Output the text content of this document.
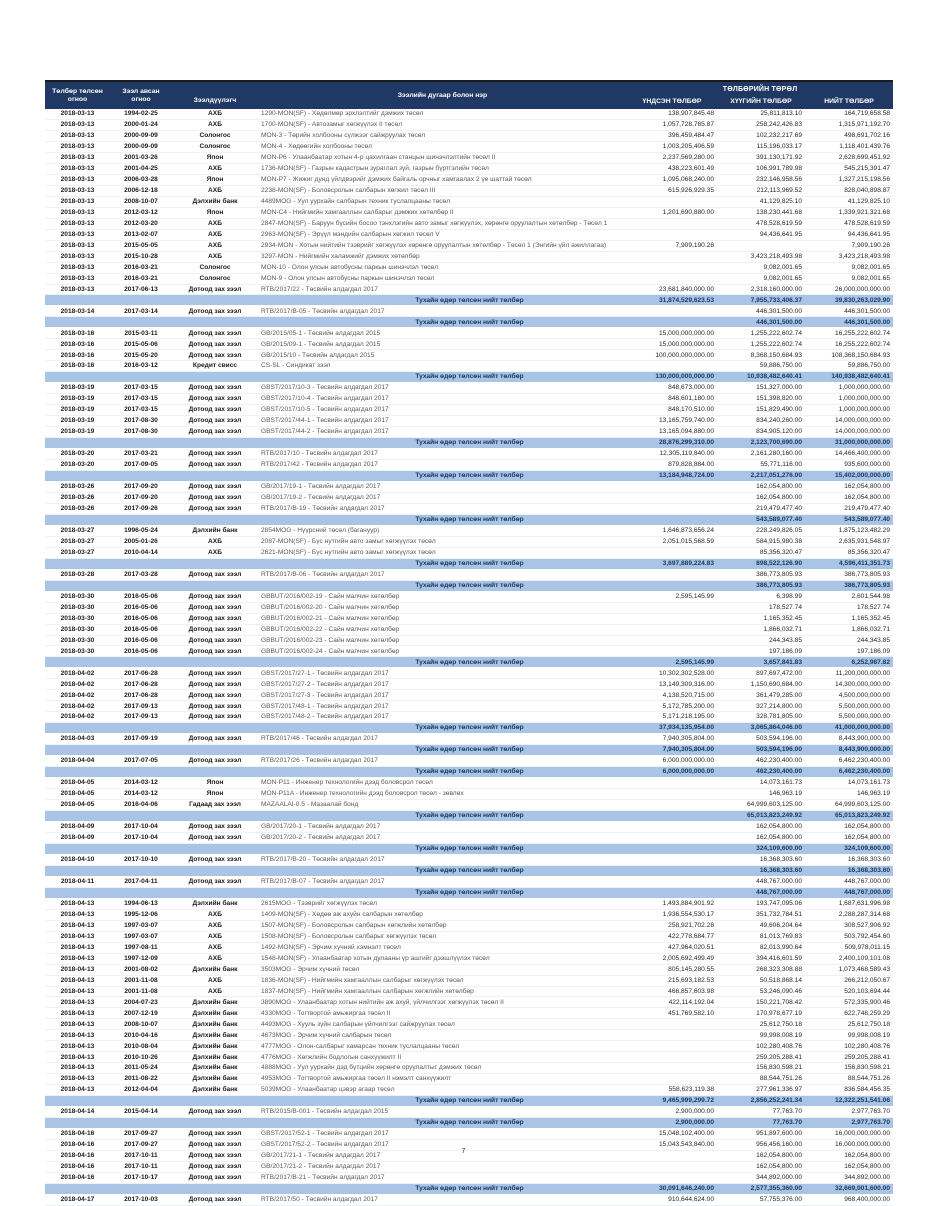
Төлбөр төлсөн огноо	Зээл авсан огноо	Зээлдүүлэгч	Зээлийн дугаар болон нэр	ТӨЛБӨРИЙН ТӨРӨЛ		
				ҮНДСЭН ТӨЛБӨР	ХҮҮГИЙН ТӨЛБӨР	НИЙТ ТӨЛБӨР
2018-03-13	1994-02-25	АХБ	1290-MON(SF) - Хөдөлмөр эрхлэлтийг дэмжих төсөл	138,907,845.48	25,811,813.10	164,719,658.58
2018-03-13	2000-01-24	АХБ	1700-MON(SF) - Автозамыг хөгжүүлэх II төсөл	1,057,728,765.87	258,242,426.83	1,315,971,192.70
2018-03-13	2000-09-09	Солонгос	MON-3 - Төрийн холбооны сүлжээг сайжруулах төсөл	396,459,484.47	102,232,217.69	498,691,702.16
2018-03-13	2000-09-09	Солонгос	MON-4 - Хөдөөгийн холбооны төсөл	1,003,205,406.59	115,196,033.17	1,118,401,439.76
2018-03-13	2001-03-26	Япон	MON-P6 - Улаанбаатар хотын 4-р цахилгаан станцын шинэчлэлтийн төсөл II	2,237,569,280.00	391,130,171.92	2,628,699,451.92
2018-03-13	2001-04-25	АХБ	1736-MON(SF) - Газрын кадастрын зураглал зүй, газрын бүртгэлийн төсөл	438,223,601.49	106,991,789.98	545,215,391.47
2018-03-13	2006-03-28	Япон	MON-P7 - Жижиг дунд үйлдвэрийг дэмжих байгаль орчныг хамгаалах 2 үе шаттай төсөл	1,095,068,240.00	232,146,958.56	1,327,215,198.56
2018-03-13	2006-12-18	АХБ	2238-MON(SF) - Боловсролын салбарын хөгжил төсөл III	615,926,929.35	212,113,969.52	828,040,898.87
2018-03-13	2008-10-07	Дэлхийн банк	4489MOG - Уул уурхайн салбарын техник туслалцааны төсөл		41,129,825.10	41,129,825.10
2018-03-13	2012-03-12	Япон	MON-C4 - Нийгмийн хамгааллын салбарыг дэмжих хөтөлбөр II	1,201,690,880.00	138,230,441.68	1,339,921,321.68
2018-03-13	2012-03-20	АХБ	2847-MON(SF) - Баруун бүсийн босоо тэнхлэгийн авто замыг хөгжүүлэх, хөрөнгө оруулалтын хөтөлбөр - Төсөл 1		478,528,619.59	478,528,619.59
2018-03-13	2013-02-07	АХБ	2963-MON(SF) - Эрүүл мэндийн салбарын хөгжил төсөл V		94,436,641.95	94,436,641.95
2018-03-13	2015-05-05	АХБ	2934-MON - Хотын нийтийн тээврийг хөгжүүлэх хөрөнгө оруулалтын хөтөлбөр - Төсөл 1 (Энгийн үйл ажиллагаа)	7,909,190.28		7,909,190.28
2018-03-13	2015-10-28	АХБ	3297-MON - Нийгмийн халамжийг дэмжих хөтөлбөр		3,423,218,493.98	3,423,218,493.98
2018-03-13	2016-03-21	Солонгос	MON-10 - Олон улсын автобусны паркын шинэчлэл төсөл		9,082,001.65	9,082,001.65
2018-03-13	2016-03-21	Солонгос	MON-9 - Олон улсын автобусны паркын шинэчлэл төсөл		9,082,001.65	9,082,001.65
2018-03-13	2017-06-13	Дотоод зах зээл	RTB/2017/22 - Төсвийн алдагдал 2017	23,681,840,000.00	2,318,160,000.00	26,000,000,000.00
Тухайн өдөр төлсөн нийт төлбөр				31,874,529,623.53	7,955,733,406.37	39,830,263,029.90
2018-03-14	2017-03-14	Дотоод зах зээл	RTB/2017/B-05 - Төсвийн алдагдал 2017		446,301,500.00	446,301,500.00
Тухайн өдөр төлсөн нийт төлбөр					446,301,500.00	446,301,500.00
2018-03-16	2015-03-11	Дотоод зах зээл	GB/2015/05-1 - Төсвийн алдагдал 2015	15,000,000,000.00	1,255,222,602.74	16,255,222,602.74
2018-03-16	2015-05-06	Дотоод зах зээл	GB/2015/09-1 - Төсвийн алдагдал 2015	15,000,000,000.00	1,255,222,602.74	16,255,222,602.74
2018-03-16	2015-05-20	Дотоод зах зээл	GB/2015/10 - Төсвийн алдагдал 2015	100,000,000,000.00	8,368,150,684.93	108,368,150,684.93
2018-03-16	2016-03-12	Кредит свисс	CS-SL - Синдикат зээл		59,886,750.00	59,886,750.00
Тухайн өдөр төлсөн нийт төлбөр				130,000,000,000.00	10,938,482,640.41	140,938,482,640.41
2018-03-19	2017-03-15	Дотоод зах зээл	GBST/2017/10-3 - Төсвийн алдагдал 2017	848,673,000.00	151,327,000.00	1,000,000,000.00
2018-03-19	2017-03-15	Дотоод зах зээл	GBST/2017/10-4 - Төсвийн алдагдал 2017	848,601,180.00	151,398,820.00	1,000,000,000.00
2018-03-19	2017-03-15	Дотоод зах зээл	GBST/2017/10-5 - Төсвийн алдагдал 2017	848,170,510.00	151,829,490.00	1,000,000,000.00
2018-03-19	2017-08-30	Дотоод зах зээл	GBST/2017/44-1 - Төсвийн алдагдал 2017	13,165,759,740.00	834,240,260.00	14,000,000,000.00
2018-03-19	2017-08-30	Дотоод зах зээл	GBST/2017/44-2 - Төсвийн алдагдал 2017	13,165,094,880.00	834,905,120.00	14,000,000,000.00
Тухайн өдөр төлсөн нийт төлбөр				28,876,299,310.00	2,123,700,690.00	31,000,000,000.00
2018-03-20	2017-03-21	Дотоод зах зээл	RTB/2017/10 - Төсвийн алдагдал 2017	12,305,119,840.00	2,161,280,160.00	14,466,400,000.00
2018-03-20	2017-09-05	Дотоод зах зээл	RTB/2017/42 - Төсвийн алдагдал 2017	879,828,884.00	55,771,116.00	935,600,000.00
Тухайн өдөр төлсөн нийт төлбөр				13,184,948,724.00	2,217,051,276.00	15,402,000,000.00
2018-03-26	2017-09-20	Дотоод зах зээл	GB/2017/19-1 - Төсвийн алдагдал 2017		162,054,800.00	162,054,800.00
2018-03-26	2017-09-20	Дотоод зах зээл	GB/2017/19-2 - Төсвийн алдагдал 2017		162,054,800.00	162,054,800.00
2018-03-26	2017-09-26	Дотоод зах зээл	RTB/2017/B-19 - Төсвийн алдагдал 2017		219,479,477.40	219,479,477.40
Тухайн өдөр төлсөн нийт төлбөр					543,589,077.40	543,589,077.40
2018-03-27	1996-05-24	Дэлхийн банк	2854MOG - Нүүрсний төсөл (багануур)	1,646,873,656.24	228,249,826.05	1,875,123,482.29
2018-03-27	2005-01-26	АХБ	2087-MON(SF) - Бүс нутгийн авто замыг хөгжүүлэх төсөл	2,051,015,568.59	584,915,980.38	2,635,931,548.97
2018-03-27	2010-04-14	АХБ	2621-MON(SF) - Бүс нутгийн авто замыг хөгжүүлэх төсөл		85,356,320.47	85,356,320.47
Тухайн өдөр төлсөн нийт төлбөр				3,697,889,224.83	898,522,126.90	4,596,411,351.73
2018-03-28	2017-03-28	Дотоод зах зээл	RTB/2017/B-06 - Төсвийн алдагдал 2017		386,773,805.93	386,773,805.93
Тухайн өдөр төлсөн нийт төлбөр					386,773,805.93	386,773,805.93
2018-03-30	2016-05-06	Дотоод зах зээл	GBBUT/2016/002-19 - Сайн малчин хөтөлбөр	2,595,145.99	6,398.99	2,601,544.98
2018-03-30	2016-05-06	Дотоод зах зээл	GBBUT/2016/002-20 - Сайн малчин хөтөлбөр		178,527.74	178,527.74
2018-03-30	2016-05-06	Дотоод зах зээл	GBBUT/2016/002-21 - Сайн малчин хөтөлбөр		1,165,352.45	1,165,352.45
2018-03-30	2016-05-06	Дотоод зах зээл	GBBUT/2016/002-22 - Сайн малчин хөтөлбөр		1,866,032.71	1,866,032.71
2018-03-30	2016-05-06	Дотоод зах зээл	GBBUT/2016/002-23 - Сайн малчин хөтөлбөр		244,343.85	244,343.85
2018-03-30	2016-05-06	Дотоод зах зээл	GBBUT/2016/002-24 - Сайн малчин хөтөлбөр		197,186.09	197,186.09
Тухайн өдөр төлсөн нийт төлбөр				2,595,145.99	3,657,841.83	6,252,987.82
2018-04-02	2017-06-28	Дотоод зах зээл	GBST/2017/27-1 - Төсвийн алдагдал 2017	10,302,302,528.00	897,697,472.00	11,200,000,000.00
2018-04-02	2017-06-28	Дотоод зах зээл	GBST/2017/27-2 - Төсвийн алдагдал 2017	13,149,309,316.00	1,150,690,684.00	14,300,000,000.00
2018-04-02	2017-06-28	Дотоод зах зээл	GBST/2017/27-3 - Төсвийн алдагдал 2017	4,138,520,715.00	361,479,285.00	4,500,000,000.00
2018-04-02	2017-09-13	Дотоод зах зээл	GBST/2017/48-1 - Төсвийн алдагдал 2017	5,172,785,200.00	327,214,800.00	5,500,000,000.00
2018-04-02	2017-09-13	Дотоод зах зээл	GBST/2017/48-2 - Төсвийн алдагдал 2017	5,171,218,195.00	328,781,805.00	5,500,000,000.00
Тухайн өдөр төлсөн нийт төлбөр				37,934,135,954.00	3,065,864,046.00	41,000,000,000.00
2018-04-03	2017-09-19	Дотоод зах зээл	RTB/2017/46 - Төсвийн алдагдал 2017	7,940,305,804.00	503,594,196.00	8,443,900,000.00
Тухайн өдөр төлсөн нийт төлбөр				7,940,305,804.00	503,594,196.00	8,443,900,000.00
2018-04-04	2017-07-05	Дотоод зах зээл	RTB/2017/26 - Төсвийн алдагдал 2017	6,000,000,000.00	462,230,400.00	6,462,230,400.00
Тухайн өдөр төлсөн нийт төлбөр				6,000,000,000.00	462,230,400.00	6,462,230,400.00
2018-04-05	2014-03-12	Япон	MON-P11 - Инженер технологийн дээд боловсрол төсөл		14,073,161.73	14,073,161.73
2018-04-05	2014-03-12	Япон	MON-P11A - Инженер технологийн дээд боловсрол төсөл - зөвлөх		146,963.19	146,963.19
2018-04-05	2016-04-06	Гадаад зах зээл	MAZAALAI-0.5 - Мазаалай бонд		64,999,603,125.00	64,999,603,125.00
Тухайн өдөр төлсөн нийт төлбөр					65,013,823,249.92	65,013,823,249.92
2018-04-09	2017-10-04	Дотоод зах зээл	GB/2017/20-1 - Төсвийн алдагдал 2017		162,054,800.00	162,054,800.00
2018-04-09	2017-10-04	Дотоод зах зээл	GB/2017/20-2 - Төсвийн алдагдал 2017		162,054,800.00	162,054,800.00
Тухайн өдөр төлсөн нийт төлбөр					324,109,600.00	324,109,600.00
2018-04-10	2017-10-10	Дотоод зах зээл	RTB/2017/B-20 - Төсвийн алдагдал 2017		16,368,303.60	16,368,303.60
Тухайн өдөр төлсөн нийт төлбөр					16,368,303.60	16,368,303.60
2018-04-11	2017-04-11	Дотоод зах зээл	RTB/2017/B-07 - Төсвийн алдагдал 2017		448,767,000.00	448,767,000.00
Тухайн өдөр төлсөн нийт төлбөр					448,767,000.00	448,767,000.00
2018-04-13	1994-06-13	Дэлхийн банк	2615MOG - Тээврийг хөгжүүлэх төсөл	1,493,884,901.92	193,747,095.06	1,687,631,996.98
2018-04-13	1995-12-06	АХБ	1409-MON(SF) - Хөдөө аж ахуйн салбарын хөтөлбөр	1,936,554,530.17	351,732,784.51	2,288,287,314.68
2018-04-13	1997-03-07	АХБ	1507-MON(SF) - Боловсролын салбарын хөгжлийн хөтөлбөр	258,921,702.28	49,606,204.64	308,527,906.92
2018-04-13	1997-03-07	АХБ	1508-MON(SF) - Боловсролын салбарыг хөгжүүлэх төсөл	422,778,684.77	81,013,769.83	503,792,454.60
2018-04-13	1997-08-11	АХБ	1492-MON(SF) - Эрчим хүчний хэмнэлт төсөл	427,964,020.51	82,013,990.64	509,978,011.15
2018-04-13	1997-12-09	АХБ	1548-MON(SF) - Улаанбаатар хотын дулааны үр ашгийг дээшлүүлэх төсөл	2,005,692,499.49	394,416,601.59	2,400,109,101.08
2018-04-13	2001-08-02	Дэлхийн банк	3503MOG - Эрчим хүчний төсөл	805,145,280.55	268,323,308.88	1,073,468,589.43
2018-04-13	2001-11-08	АХБ	1836-MON(SF) - Нийгмийн хамгааллын салбарыг хөгжүүлэх төсөл	215,693,182.53	50,518,868.14	266,212,050.67
2018-04-13	2001-11-08	АХБ	1837-MON(SF) - Нийгмийн хамгааллын салбарын хөгжлийн хөтөлбөр	466,857,603.98	53,246,090.46	520,103,694.44
2018-04-13	2004-07-23	Дэлхийн банк	3890MOG - Улаанбаатар хотын нийтийн аж ахуй, үйлчилгээг хөгжүүлэх төсөл II	422,114,192.04	150,221,708.42	572,335,900.46
2018-04-13	2007-12-19	Дэлхийн банк	4330MOG - Тогтвортой амьжиргаа төсөл II	451,769,582.10	170,978,677.19	622,748,259.29
2018-04-13	2008-10-07	Дэлхийн банк	4493MOG - Хууль зүйн салбарын үйлчилгээг сайжруулах төсөл		25,612,750.18	25,612,750.18
2018-04-13	2010-04-16	Дэлхийн банк	4673MOG - Эрчим хүчний салбарын төсөл		99,998,008.19	99,998,008.19
2018-04-13	2010-08-04	Дэлхийн банк	4777MOG - Олон-салбарыг хамарсан техник туслалцааны төсөл		102,280,408.76	102,280,408.76
2018-04-13	2010-10-26	Дэлхийн банк	4776MOG - Хөгжлийн бодлогын санхүүжилт II		259,205,288.41	259,205,288.41
2018-04-13	2011-05-24	Дэлхийн банк	4888MOG - Уул уурхайн дэд бүтцийн хөрөнгө оруулалтыг дэмжих төсөл		156,830,598.21	156,830,598.21
2018-04-13	2011-08-22	Дэлхийн банк	4953MOG - Тогтвортой амьжиргаа төсөл II нэмэлт санхүүжилт		88,544,751.26	88,544,751.26
2018-04-13	2012-04-04	Дэлхийн банк	5039MOG - Улаанбаатар цэвэр агаар төсөл	558,623,119.38	277,961,336.97	836,584,456.35
Тухайн өдөр төлсөн нийт төлбөр				9,465,999,299.72	2,856,252,241.34	12,322,251,541.06
2018-04-14	2015-04-14	Дотоод зах зээл	RTB/2015/B-001 - Төсвийн алдагдал 2015	2,900,000.00	77,763.70	2,977,763.70
Тухайн өдөр төлсөн нийт төлбөр				2,900,000.00	77,763.70	2,977,763.70
2018-04-16	2017-09-27	Дотоод зах зээл	GBST/2017/52-1 - Төсвийн алдагдал 2017	15,048,102,400.00	951,897,600.00	16,000,000,000.00
2018-04-16	2017-09-27	Дотоод зах зээл	GBST/2017/52-2 - Төсвийн алдагдал 2017	15,043,543,840.00	956,456,160.00	16,000,000,000.00
2018-04-16	2017-10-11	Дотоод зах зээл	GB/2017/21-1 - Төсвийн алдагдал 2017		162,054,800.00	162,054,800.00
2018-04-16	2017-10-11	Дотоод зах зээл	GB/2017/21-2 - Төсвийн алдагдал 2017		162,054,800.00	162,054,800.00
2018-04-16	2017-10-17	Дотоод зах зээл	RTB/2017/B-21 - Төсвийн алдагдал 2017		344,892,000.00	344,892,000.00
Тухайн өдөр төлсөн нийт төлбөр				30,091,646,240.00	2,577,355,360.00	32,669,001,600.00
2018-04-17	2017-10-03	Дотоод зах зээл	RTB/2017/50 - Төсвийн алдагдал 2017	910,644,624.00	57,755,376.00	968,400,000.00
7
